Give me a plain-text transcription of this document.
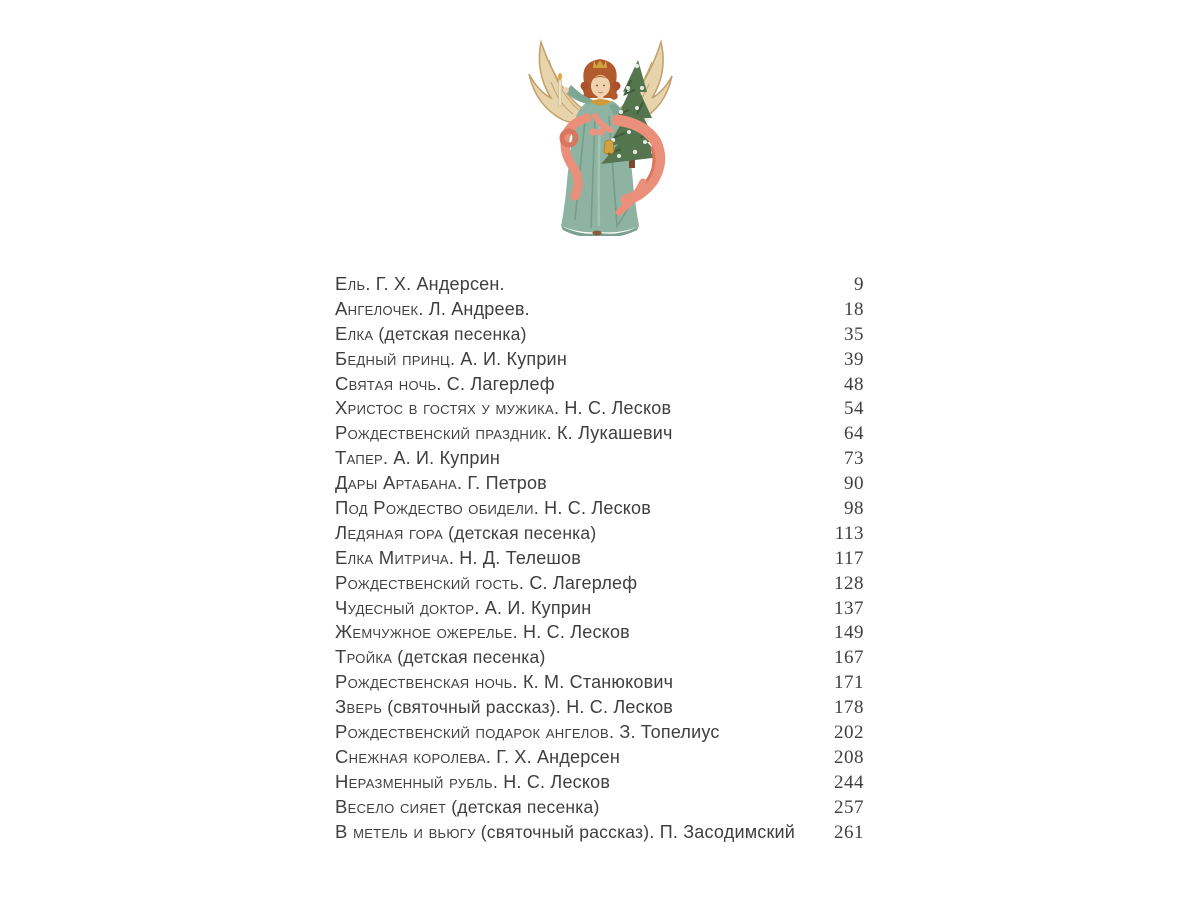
Ель. Г. Х. Андерсен.	9
Ангелочек. Л. Андреев.	18
Елка (детская песенка)	35
Бедный принц. А. И. Куприн	39
Святая ночь. С. Лагерлеф	48
Христос в гостях у мужика. Н. С. Лесков	54
Рождественский праздник. К. Лукашевич	64
Тапер. А. И. Куприн	73
Дары Артабана. Г. Петров	90
Под Рождество обидели. Н. С. Лесков	98
Ледяная гора (детская песенка)	113
Елка Митрича. Н. Д. Телешов	117
Рождественский гость. С. Лагерлеф	128
Чудесный доктор. А. И. Куприн	137
Жемчужное ожерелье. Н. С. Лесков	149
Тройка (детская песенка)	167
Рождественская ночь. К. М. Станюкович	171
Зверь (святочный рассказ). Н. С. Лесков	178
Рождественский подарок ангелов. З. Топелиус	202
Снежная королева. Г. Х. Андерсен	208
Неразменный рубль. Н. С. Лесков	244
Весело сияет (детская песенка)	257
В метель и вьюгу (святочный рассказ). П. Засодимский	261
